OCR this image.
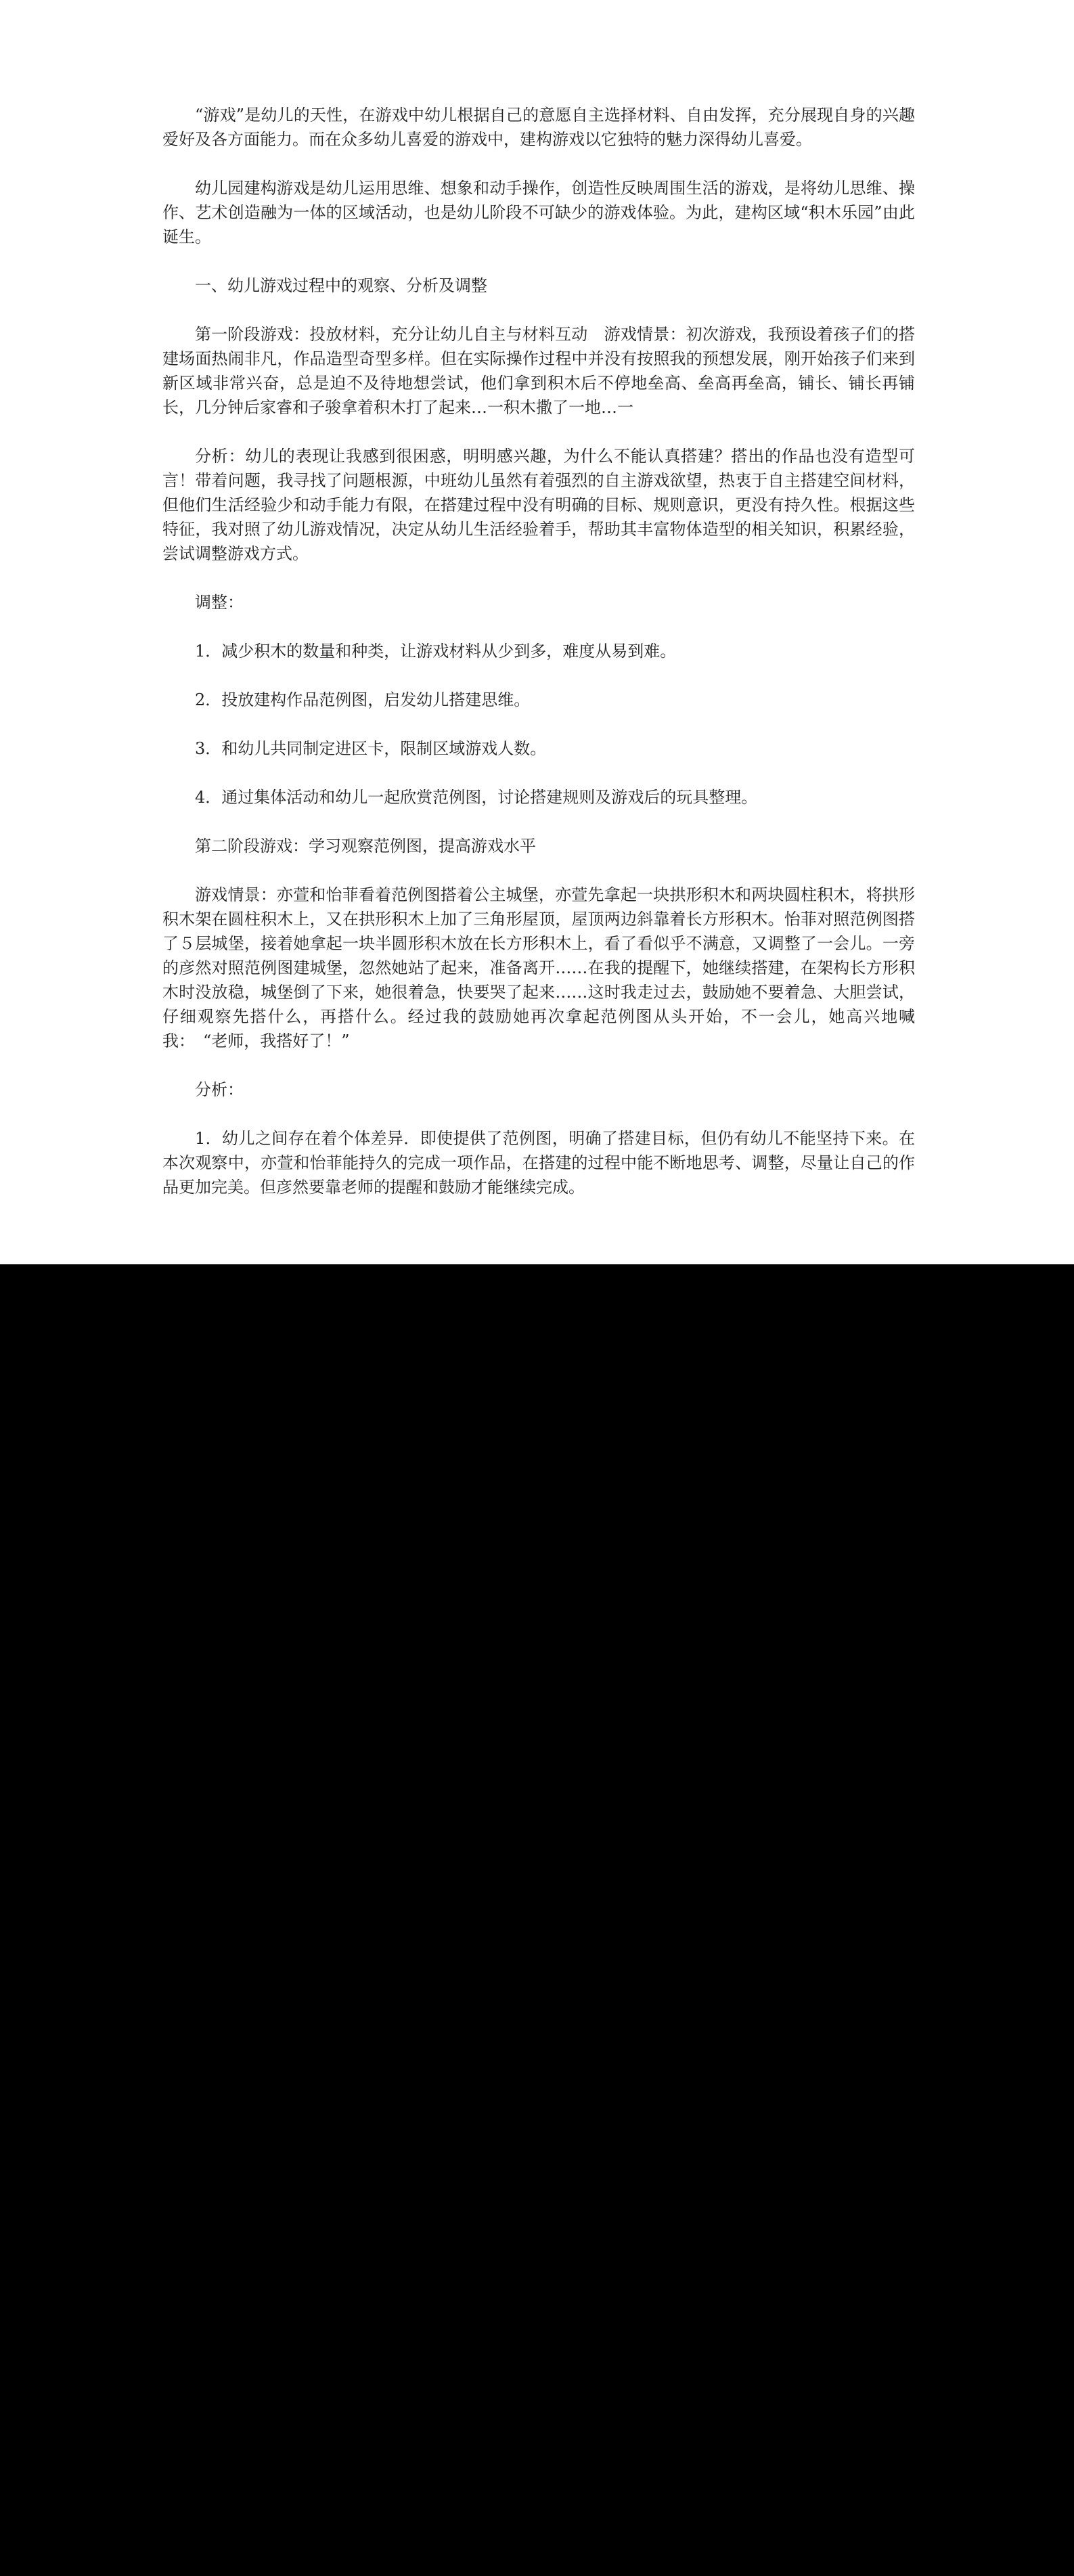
“游戏”是幼儿的天性，在游戏中幼儿根据自己的意愿自主选择材料、自由发挥，充分展现自身的兴趣爱好及各方面能力。而在众多幼儿喜爱的游戏中，建构游戏以它独特的魅力深得幼儿喜爱。

幼儿园建构游戏是幼儿运用思维、想象和动手操作，创造性反映周围生活的游戏，是将幼儿思维、操作、艺术创造融为一体的区域活动，也是幼儿阶段不可缺少的游戏体验。为此，建构区域“积木乐园”由此诞生。

一、幼儿游戏过程中的观察、分析及调整

第一阶段游戏：投放材料，充分让幼儿自主与材料互动　游戏情景：初次游戏，我预设着孩子们的搭建场面热闹非凡，作品造型奇型多样。但在实际操作过程中并没有按照我的预想发展，刚开始孩子们来到新区域非常兴奋，总是迫不及待地想尝试，他们拿到积木后不停地垒高、垒高再垒高，铺长、铺长再铺长，几分钟后家睿和子骏拿着积木打了起来…一积木撒了一地…一

分析：幼儿的表现让我感到很困惑，明明感兴趣，为什么不能认真搭建？搭出的作品也没有造型可言！带着问题，我寻找了问题根源，中班幼儿虽然有着强烈的自主游戏欲望，热衷于自主搭建空间材料，但他们生活经验少和动手能力有限，在搭建过程中没有明确的目标、规则意识，更没有持久性。根据这些特征，我对照了幼儿游戏情况，决定从幼儿生活经验着手，帮助其丰富物体造型的相关知识，积累经验，尝试调整游戏方式。

调整：

1．减少积木的数量和种类，让游戏材料从少到多，难度从易到难。

2．投放建构作品范例图，启发幼儿搭建思维。

3．和幼儿共同制定进区卡，限制区域游戏人数。

4．通过集体活动和幼儿一起欣赏范例图，讨论搭建规则及游戏后的玩具整理。

第二阶段游戏：学习观察范例图，提高游戏水平

游戏情景：亦萱和怡菲看着范例图搭着公主城堡，亦萱先拿起一块拱形积木和两块圆柱积木，将拱形积木架在圆柱积木上，又在拱形积木上加了三角形屋顶，屋顶两边斜靠着长方形积木。怡菲对照范例图搭了５层城堡，接着她拿起一块半圆形积木放在长方形积木上，看了看似乎不满意，又调整了一会儿。一旁的彦然对照范例图建城堡，忽然她站了起来，准备离开……在我的提醒下，她继续搭建，在架构长方形积木时没放稳，城堡倒了下来，她很着急，快要哭了起来……这时我走过去，鼓励她不要着急、大胆尝试，仔细观察先搭什么，再搭什么。经过我的鼓励她再次拿起范例图从头开始，不一会儿，她高兴地喊我：　“老师，我搭好了！”

分析：

1．幼儿之间存在着个体差异．即使提供了范例图，明确了搭建目标，但仍有幼儿不能坚持下来。在本次观察中，亦萱和怡菲能持久的完成一项作品，在搭建的过程中能不断地思考、调整，尽量让自己的作品更加完美。但彦然要靠老师的提醒和鼓励才能继续完成。
